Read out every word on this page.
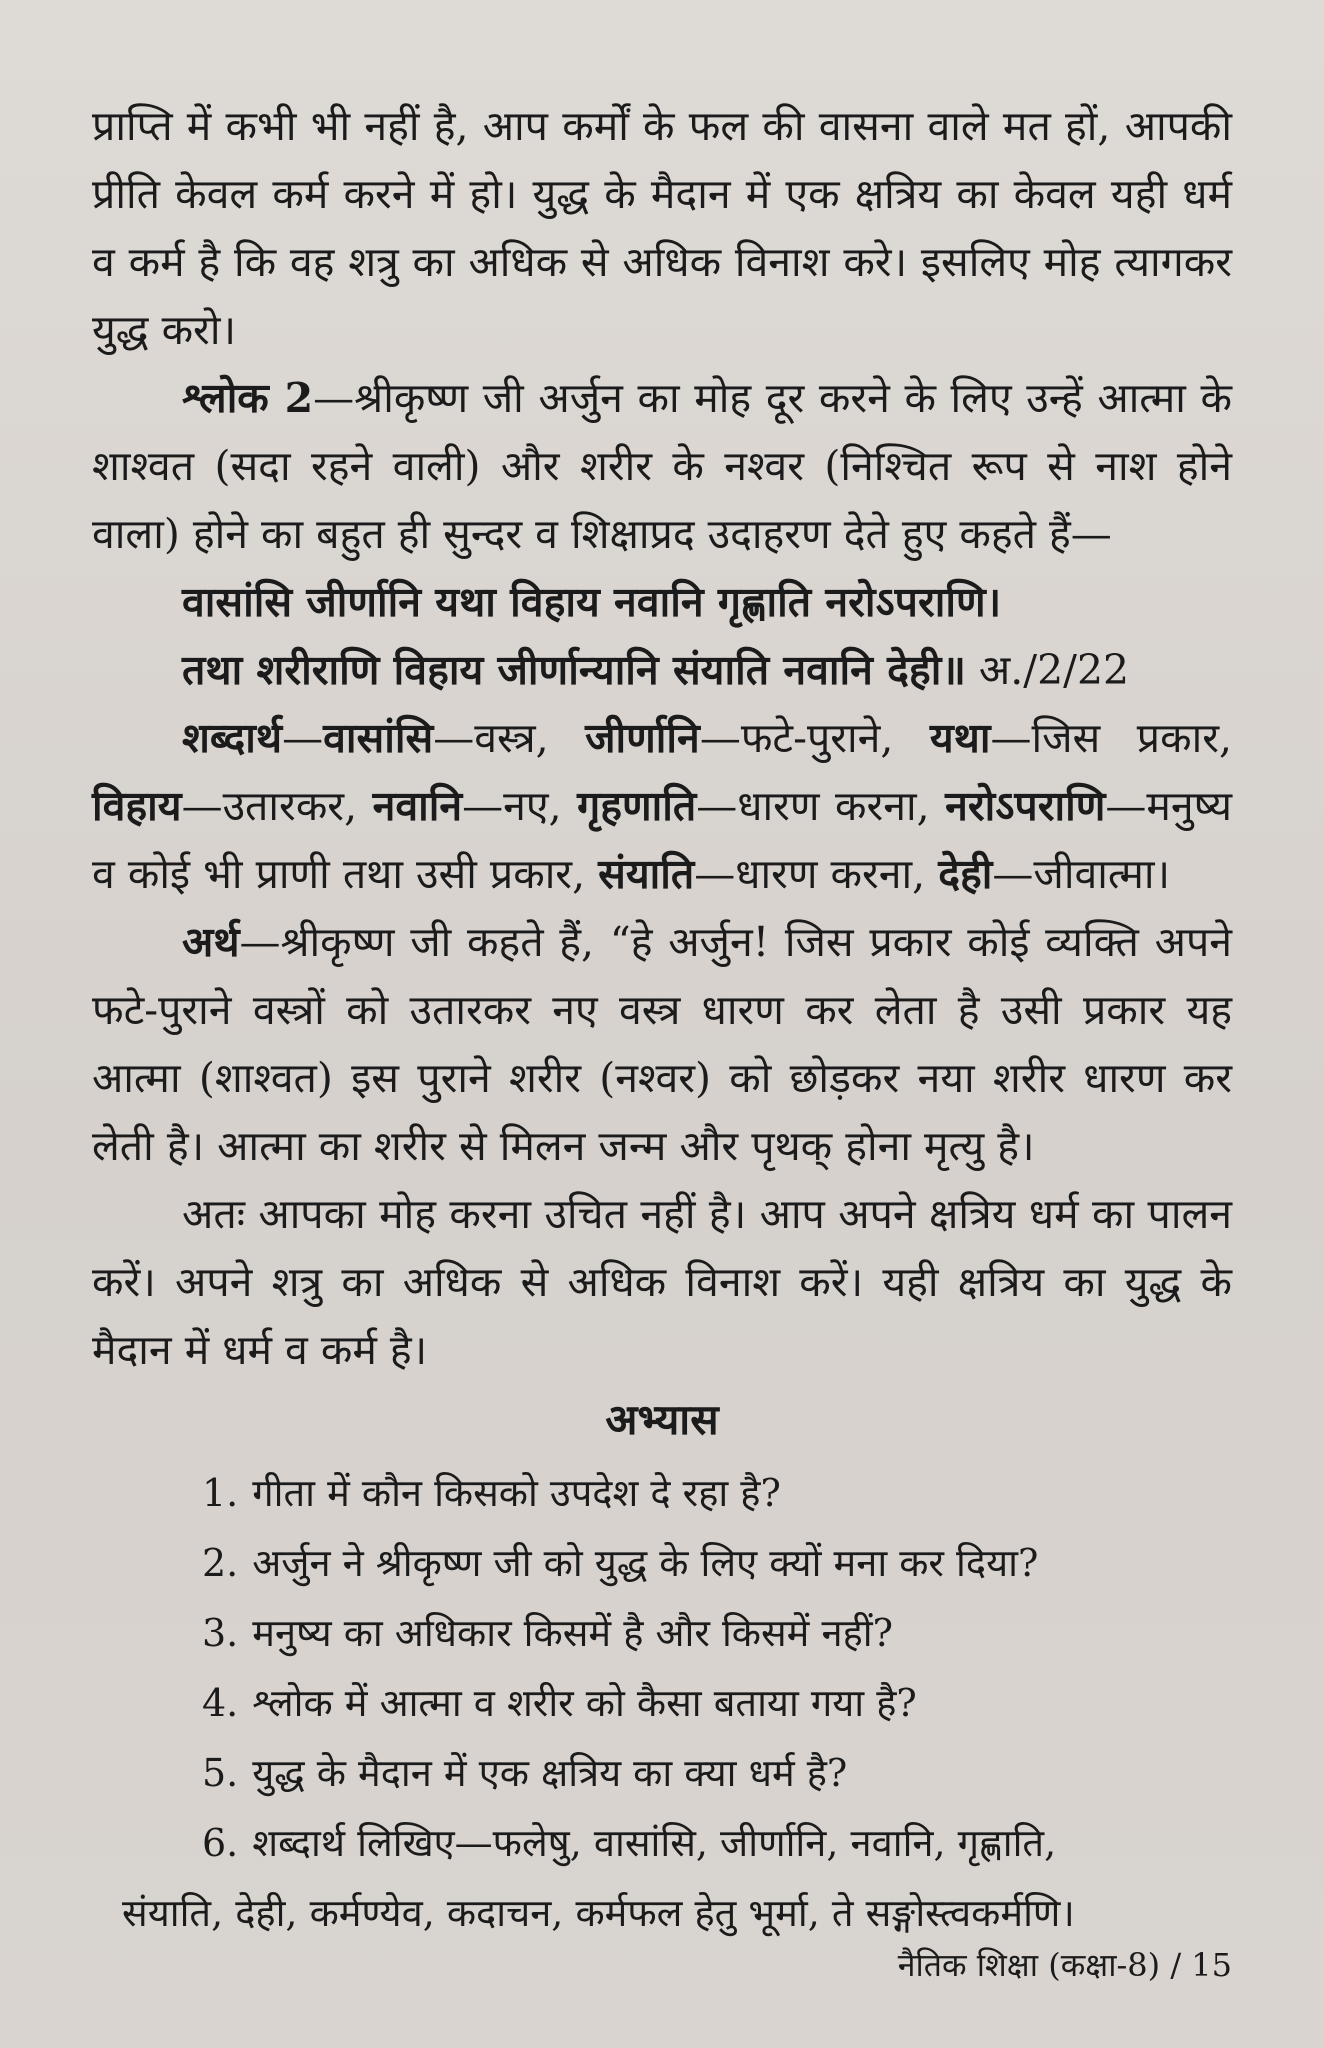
प्राप्ति में कभी भी नहीं है, आप कर्मों के फल की वासना वाले मत हों, आपकी प्रीति केवल कर्म करने में हो। युद्ध के मैदान में एक क्षत्रिय का केवल यही धर्म व कर्म है कि वह शत्रु का अधिक से अधिक विनाश करे। इसलिए मोह त्यागकर युद्ध करो।

श्लोक 2—श्रीकृष्ण जी अर्जुन का मोह दूर करने के लिए उन्हें आत्मा के शाश्वत (सदा रहने वाली) और शरीर के नश्वर (निश्चित रूप से नाश होने वाला) होने का बहुत ही सुन्दर व शिक्षाप्रद उदाहरण देते हुए कहते हैं—

वासांसि जीर्णानि यथा विहाय नवानि गृह्णाति नरोऽपराणि।

तथा शरीराणि विहाय जीर्णान्यानि संयाति नवानि देही॥ अ./2/22

शब्दार्थ—वासांसि—वस्त्र, जीर्णानि—फटे-पुराने, यथा—जिस प्रकार, विहाय—उतारकर, नवानि—नए, गृहणाति—धारण करना, नरोऽपराणि—मनुष्य व कोई भी प्राणी तथा उसी प्रकार, संयाति—धारण करना, देही—जीवात्मा।

अर्थ—श्रीकृष्ण जी कहते हैं, “हे अर्जुन! जिस प्रकार कोई व्यक्ति अपने फटे-पुराने वस्त्रों को उतारकर नए वस्त्र धारण कर लेता है उसी प्रकार यह आत्मा (शाश्वत) इस पुराने शरीर (नश्वर) को छोड़कर नया शरीर धारण कर लेती है। आत्मा का शरीर से मिलन जन्म और पृथक् होना मृत्यु है।

अतः आपका मोह करना उचित नहीं है। आप अपने क्षत्रिय धर्म का पालन करें। अपने शत्रु का अधिक से अधिक विनाश करें। यही क्षत्रिय का युद्ध के मैदान में धर्म व कर्म है।

अभ्यास
1. गीता में कौन किसको उपदेश दे रहा है?
2. अर्जुन ने श्रीकृष्ण जी को युद्ध के लिए क्यों मना कर दिया?
3. मनुष्य का अधिकार किसमें है और किसमें नहीं?
4. श्लोक में आत्मा व शरीर को कैसा बताया गया है?
5. युद्ध के मैदान में एक क्षत्रिय का क्या धर्म है?
6. शब्दार्थ लिखिए—फलेषु, वासांसि, जीर्णानि, नवानि, गृह्णाति,
संयाति, देही, कर्मण्येव, कदाचन, कर्मफल हेतु भूर्मा, ते सङ्गोस्त्वकर्मणि।
नैतिक शिक्षा (कक्षा-8) / 15
